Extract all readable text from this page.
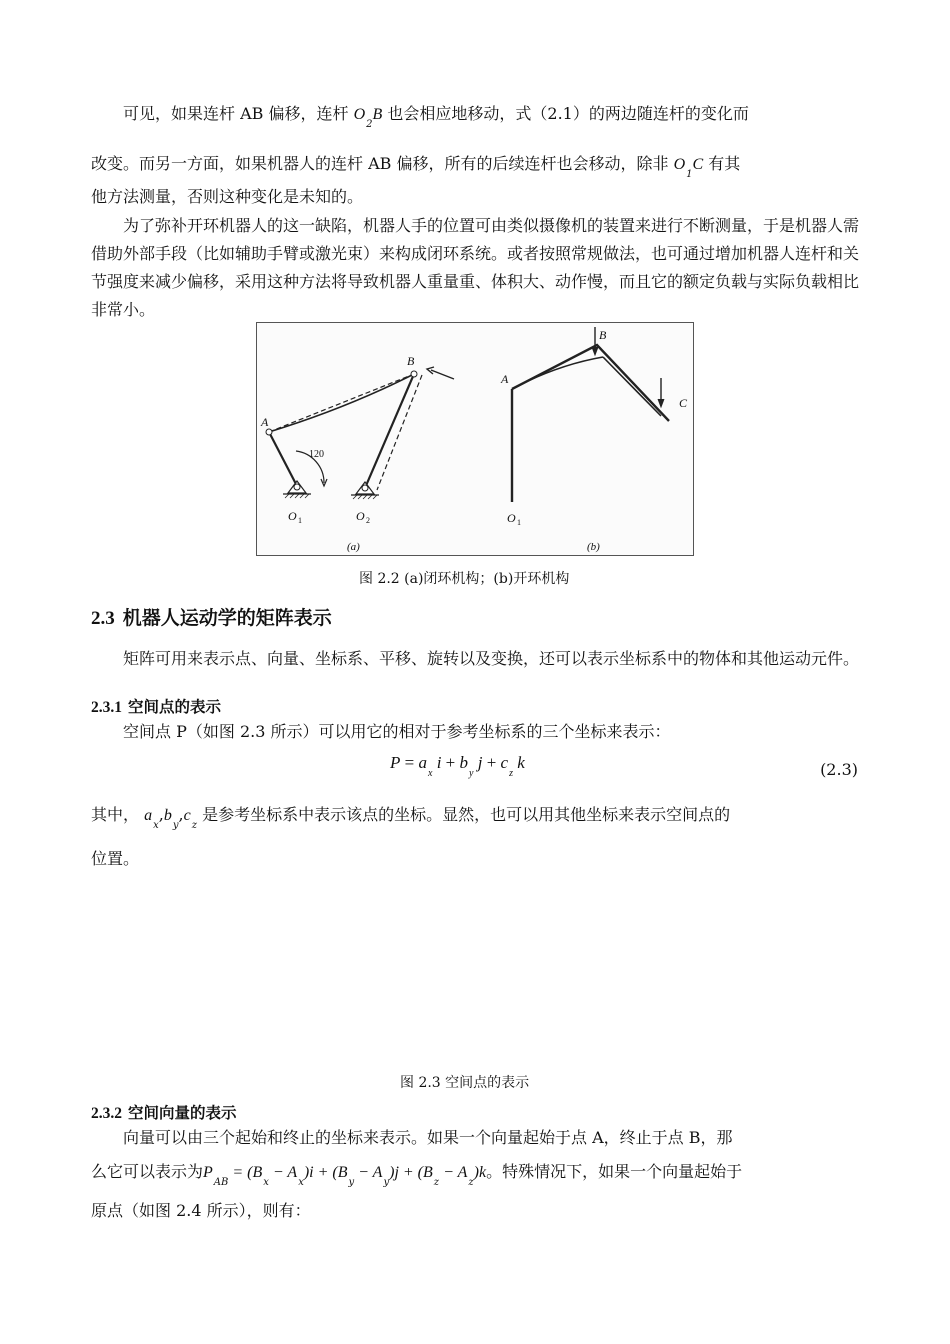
可见，如果连杆 AB 偏移，连杆 $O_2B$ 也会相应地移动，式（2.1）的两边随连杆的变化而

改变。而另一方面，如果机器人的连杆 AB 偏移，所有的后续连杆也会移动，除非 $O_1C$ 有其

他方法测量，否则这种变化是未知的。

为了弥补开环机器人的这一缺陷，机器人手的位置可由类似摄像机的装置来进行不断测量，于是机器人需借助外部手段（比如辅助手臂或激光束）来构成闭环系统。或者按照常规做法，也可通过增加机器人连杆和关节强度来减少偏移，采用这种方法将导致机器人重量重、体积大、动作慢，而且它的额定负载与实际负载相比非常小。

A
B
120
O 1	O 2
A
B
C
O 1
(a)	(b)

图 2.2 (a)闭环机构；(b)开环机构

2.3 机器人运动学的矩阵表示

矩阵可用来表示点、向量、坐标系、平移、旋转以及变换，还可以表示坐标系中的物体和其他运动元件。

2.3.1 空间点的表示

空间点 P（如图 2.3 所示）可以用它的相对于参考坐标系的三个坐标来表示：

$P = a_x$ $i + b_y$ $j + c_z$ k	(2.3)

其中， $a_x,b_y,c_z$ 是参考坐标系中表示该点的坐标。显然，也可以用其他坐标来表示空间点的

位置。

图 2.3 空间点的表示

2.3.2 空间向量的表示

向量可以由三个起始和终止的坐标来表示。如果一个向量起始于点 A，终止于点 B，那

么它可以表示为$P_{AB} = (B_x - A_x)i + (B_y - A_y)j + (B_z - A_z)k$。特殊情况下，如果一个向量起始于

原点（如图 2.4 所示），则有：
